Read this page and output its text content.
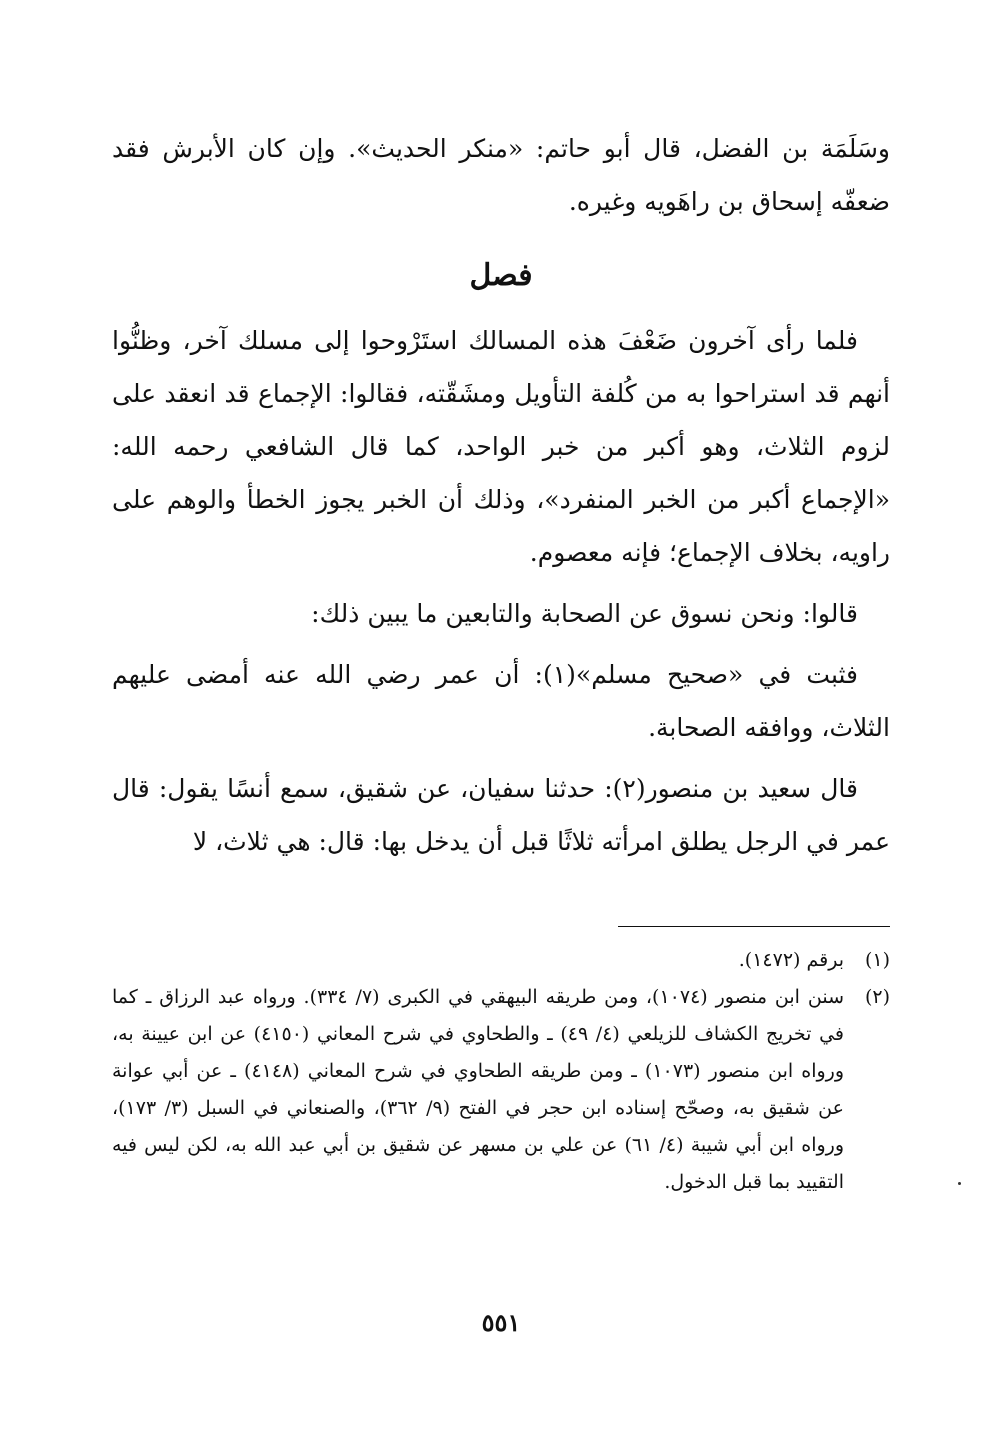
وسَلَمَة بن الفضل، قال أبو حاتم: «منكر الحديث». وإن كان الأبرش فقد ضعفّه إسحاق بن راهَويه وغيره.

فصل

فلما رأى آخرون ضَعْفَ هذه المسالك استَرْوحوا إلى مسلك آخر، وظنُّوا أنهم قد استراحوا به من كُلفة التأويل ومشَقّته، فقالوا: الإجماع قد انعقد على لزوم الثلاث، وهو أكبر من خبر الواحد، كما قال الشافعي رحمه الله: «الإجماع أكبر من الخبر المنفرد»، وذلك أن الخبر يجوز الخطأ والوهم على راويه، بخلاف الإجماع؛ فإنه معصوم.

قالوا: ونحن نسوق عن الصحابة والتابعين ما يبين ذلك:

فثبت في «صحيح مسلم»(١): أن عمر رضي الله عنه أمضى عليهم الثلاث، ووافقه الصحابة.

قال سعيد بن منصور(٢): حدثنا سفيان، عن شقيق، سمع أنسًا يقول: قال عمر في الرجل يطلق امرأته ثلاثًا قبل أن يدخل بها: قال: هي ثلاث، لا

(١)
برقم (١٤٧٢).
(٢)
سنن ابن منصور (١٠٧٤)، ومن طريقه البيهقي في الكبرى (٧/ ٣٣٤). ورواه عبد الرزاق ـ كما في تخريج الكشاف للزيلعي (٤/ ٤٩) ـ والطحاوي في شرح المعاني (٤١٥٠) عن ابن عيينة به، ورواه ابن منصور (١٠٧٣) ـ ومن طريقه الطحاوي في شرح المعاني (٤١٤٨) ـ عن أبي عوانة عن شقيق به، وصحّح إسناده ابن حجر في الفتح (٩/ ٣٦٢)، والصنعاني في السبل (٣/ ١٧٣)، ورواه ابن أبي شيبة (٤/ ٦١) عن علي بن مسهر عن شقيق بن أبي عبد الله به، لكن ليس فيه التقييد بما قبل الدخول.
٥٥١
